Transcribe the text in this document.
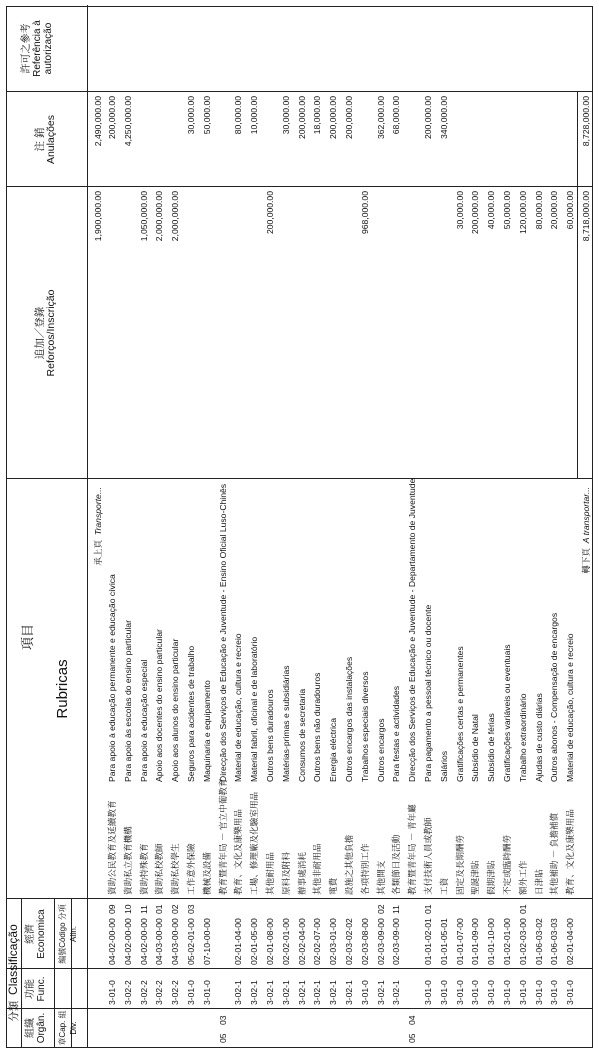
分類  Classificação
組織
Orgân.
功能
Func.
經濟
Economica
章Cap. 組Div.
編號Código 分項Alín.
項目
Rubricas
追加／登錄
Reforços/Inscrição
注 銷
Anulações
許可之參考
Referência à
autorização
承上頁  Transporte...
1,900,000.00
2,490,000.00
3-01-0
04-02-00-00
09
資助公民教育及延續教育
Para apoio à educação permanente e educação cívica
200,000.00
3-02-2
04-02-00-00
10
資助私立教育機構
Para apoio às escolas do ensino particular
4,250,000.00
3-02-2
04-02-00-00
11
資助特殊教育
Para apoio à educação especial
1,050,000.00
3-02-2
04-03-00-00
01
資助私校教師
Apoio aos docentes do ensino particular
2,000,000.00
3-02-2
04-03-00-00
02
資助私校學生
Apoio aos alunos do ensino particular
2,000,000.00
3-01-0
05-02-01-00
03
工作意外保險
Seguros para acidentes de trabalho
30,000.00
3-01-0
07-10-00-00
機械及設備
Maquinaria e equipamento
50,000.00
05
03
教育暨青年局 － 官立中葡教育
Direcção dos Serviços de Educação e Juventude - Ensino Oficial Luso-Chinês
3-02-1
02-01-04-00
教育、文化及康樂用品
Material de educação, cultura e recreio
80,000.00
3-02-1
02-01-05-00
工場、修理廠及化驗室用品
Material fabril, oficinal e de laboratório
10,000.00
3-02-1
02-01-08-00
其他耐用品
Outros bens duradouros
200,000.00
3-02-1
02-02-01-00
原料及附料
Matérias-primas e subsidiárias
30,000.00
3-02-1
02-02-04-00
辦事處消耗
Consumos de secretaria
200,000.00
3-02-1
02-02-07-00
其他非耐用品
Outros bens não duradouros
18,000.00
3-02-1
02-03-01-00
電費
Energia eléctrica
200,000.00
3-02-1
02-03-02-02
設施之其他負擔
Outros encargos das instalações
200,000.00
3-01-0
02-03-08-00
各項特別工作
Trabalhos especiais diversos
968,000.00
3-02-1
02-03-09-00
02
其他開支
Outros encargos
362,000.00
3-02-1
02-03-09-00
11
各類節日及活動
Para festas e actividades
68,000.00
05
04
教育暨青年局 － 青年廳
Direcção dos Serviços de Educação e Juventude - Departamento de Juventude
3-01-0
01-01-02-01
01
支付技術人員或教師
Para pagamento a pessoal técnico ou docente
200,000.00
3-01-0
01-01-05-01
工資
Salários
340,000.00
3-01-0
01-01-07-00
固定及長期酬勞
Gratificações certas e permanentes
30,000.00
3-01-0
01-01-09-00
聖誕津貼
Subsídio de Natal
200,000.00
3-01-0
01-01-10-00
假期津貼
Subsídio de férias
40,000.00
3-01-0
01-02-01-00
不定或臨時酬勞
Gratificações variáveis ou eventuais
50,000.00
3-01-0
01-02-03-00
01
額外工作
Trabalho extraordinário
120,000.00
3-01-0
01-06-03-02
日津貼
Ajudas de custo diárias
80,000.00
3-01-0
01-06-03-03
其他補助 － 負擔補償
Outros abonos - Compensação de encargos
20,000.00
3-01-0
02-01-04-00
教育、文化及康樂用品
Material de educação, cultura e recreio
60,000.00
轉下頁  A transportar...
8,718,000.00
8,728,000.00
